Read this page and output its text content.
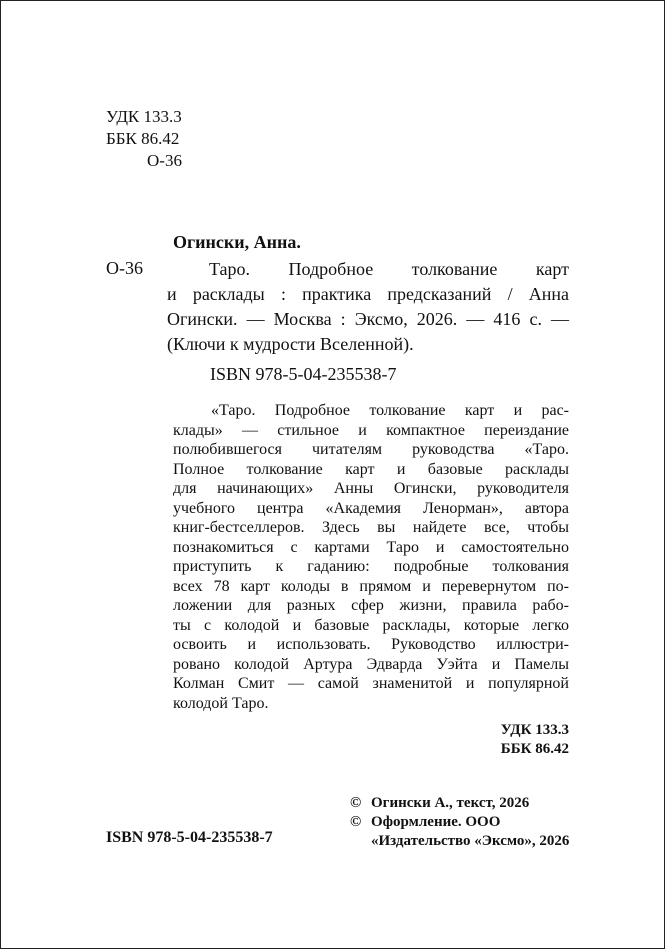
УДК 133.3
ББК 86.42
О-36
Огински, Анна.
О-36	Таро. Подробное толкование карт
и расклады : практика предсказаний / Анна
Огински. — Москва : Эксмо, 2026. — 416 с. —
(Ключи к мудрости Вселенной).
ISBN 978-5-04-235538-7
«Таро. Подробное толкование карт и рас-
клады» — стильное и компактное переиздание
полюбившегося читателям руководства «Таро.
Полное толкование карт и базовые расклады
для начинающих» Анны Огински, руководителя
учебного центра «Академия Ленорман», автора
книг-бестселлеров. Здесь вы найдете все, чтобы
познакомиться с картами Таро и самостоятельно
приступить к гаданию: подробные толкования
всех 78 карт колоды в прямом и перевернутом по-
ложении для разных сфер жизни, правила рабо-
ты с колодой и базовые расклады, которые легко
освоить и использовать. Руководство иллюстри-
ровано колодой Артура Эдварда Уэйта и Памелы
Колман Смит — самой знаменитой и популярной
колодой Таро.
УДК 133.3
ББК 86.42
ISBN 978-5-04-235538-7
© Огински А., текст, 2026
© Оформление. ООО
«Издательство «Эксмо», 2026
